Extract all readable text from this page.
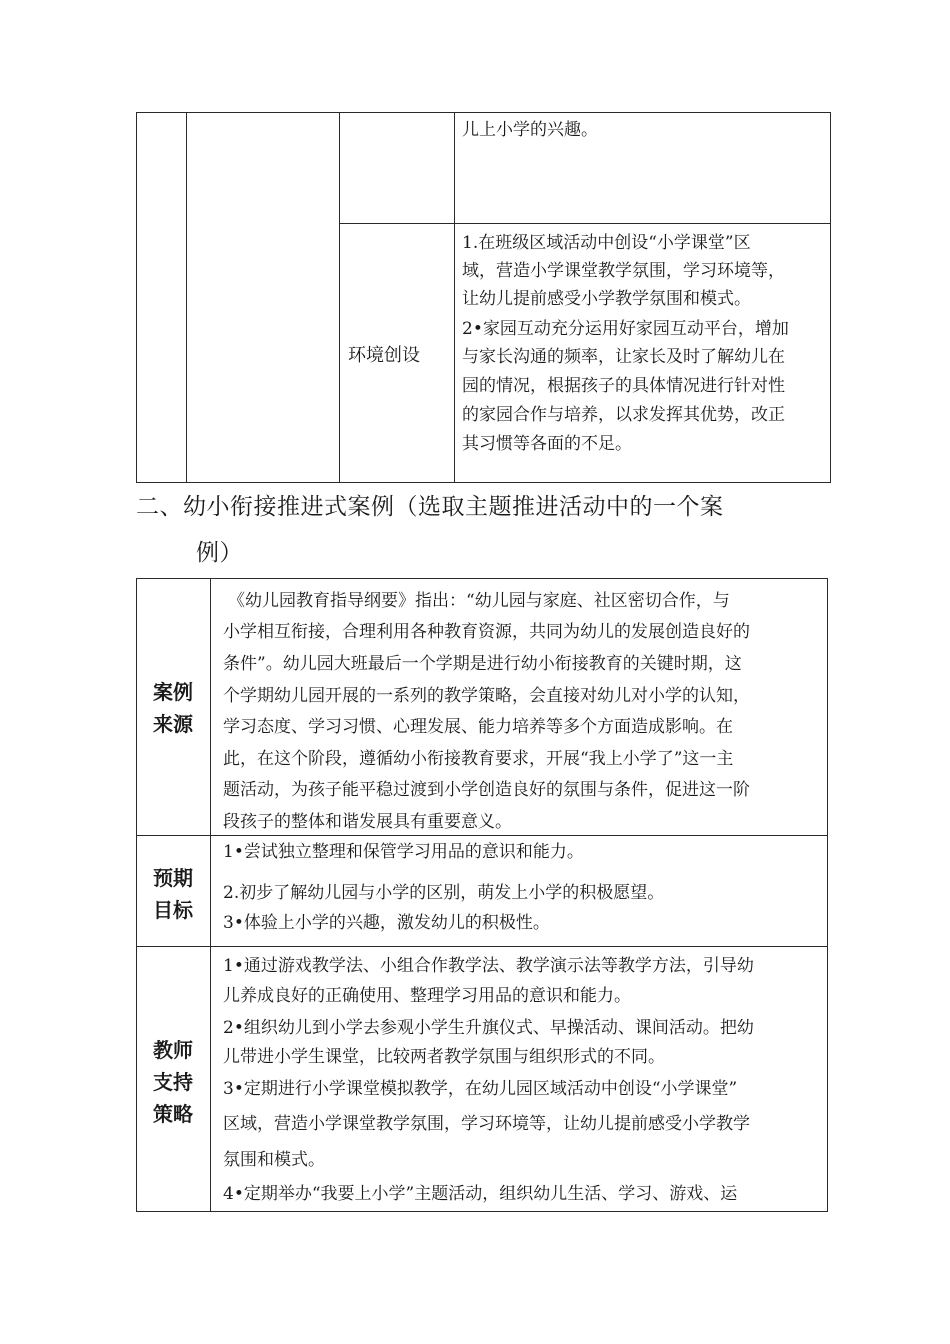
儿上小学的兴趣。
环境创设
1.在班级区域活动中创设“小学课堂”区
域，营造小学课堂教学氛围，学习环境等，
让幼儿提前感受小学教学氛围和模式。
2•家园互动充分运用好家园互动平台，增加
与家长沟通的频率，让家长及时了解幼儿在
园的情况，根据孩子的具体情况进行针对性
的家园合作与培养，以求发挥其优势，改正
其习惯等各面的不足。
二、幼小衔接推进式案例（选取主题推进活动中的一个案
例）
案例
来源
《幼儿园教育指导纲要》指出：“幼儿园与家庭、社区密切合作，与
小学相互衔接，合理利用各种教育资源，共同为幼儿的发展创造良好的
条件”。幼儿园大班最后一个学期是进行幼小衔接教育的关键时期，这
个学期幼儿园开展的一系列的教学策略，会直接对幼儿对小学的认知，
学习态度、学习习惯、心理发展、能力培养等多个方面造成影响。在
此，在这个阶段，遵循幼小衔接教育要求，开展“我上小学了”这一主
题活动，为孩子能平稳过渡到小学创造良好的氛围与条件，促进这一阶
段孩子的整体和谐发展具有重要意义。
预期
目标
1•尝试独立整理和保管学习用品的意识和能力。
2.初步了解幼儿园与小学的区别，萌发上小学的积极愿望。
3•体验上小学的兴趣，激发幼儿的积极性。
教师
支持
策略
1•通过游戏教学法、小组合作教学法、教学演示法等教学方法，引导幼
儿养成良好的正确使用、整理学习用品的意识和能力。
2•组织幼儿到小学去参观小学生升旗仪式、早操活动、课间活动。把幼
儿带进小学生课堂，比较两者教学氛围与组织形式的不同。
3•定期进行小学课堂模拟教学，在幼儿园区域活动中创设“小学课堂”
区域，营造小学课堂教学氛围，学习环境等，让幼儿提前感受小学教学
氛围和模式。
4•定期举办“我要上小学”主题活动，组织幼儿生活、学习、游戏、运
